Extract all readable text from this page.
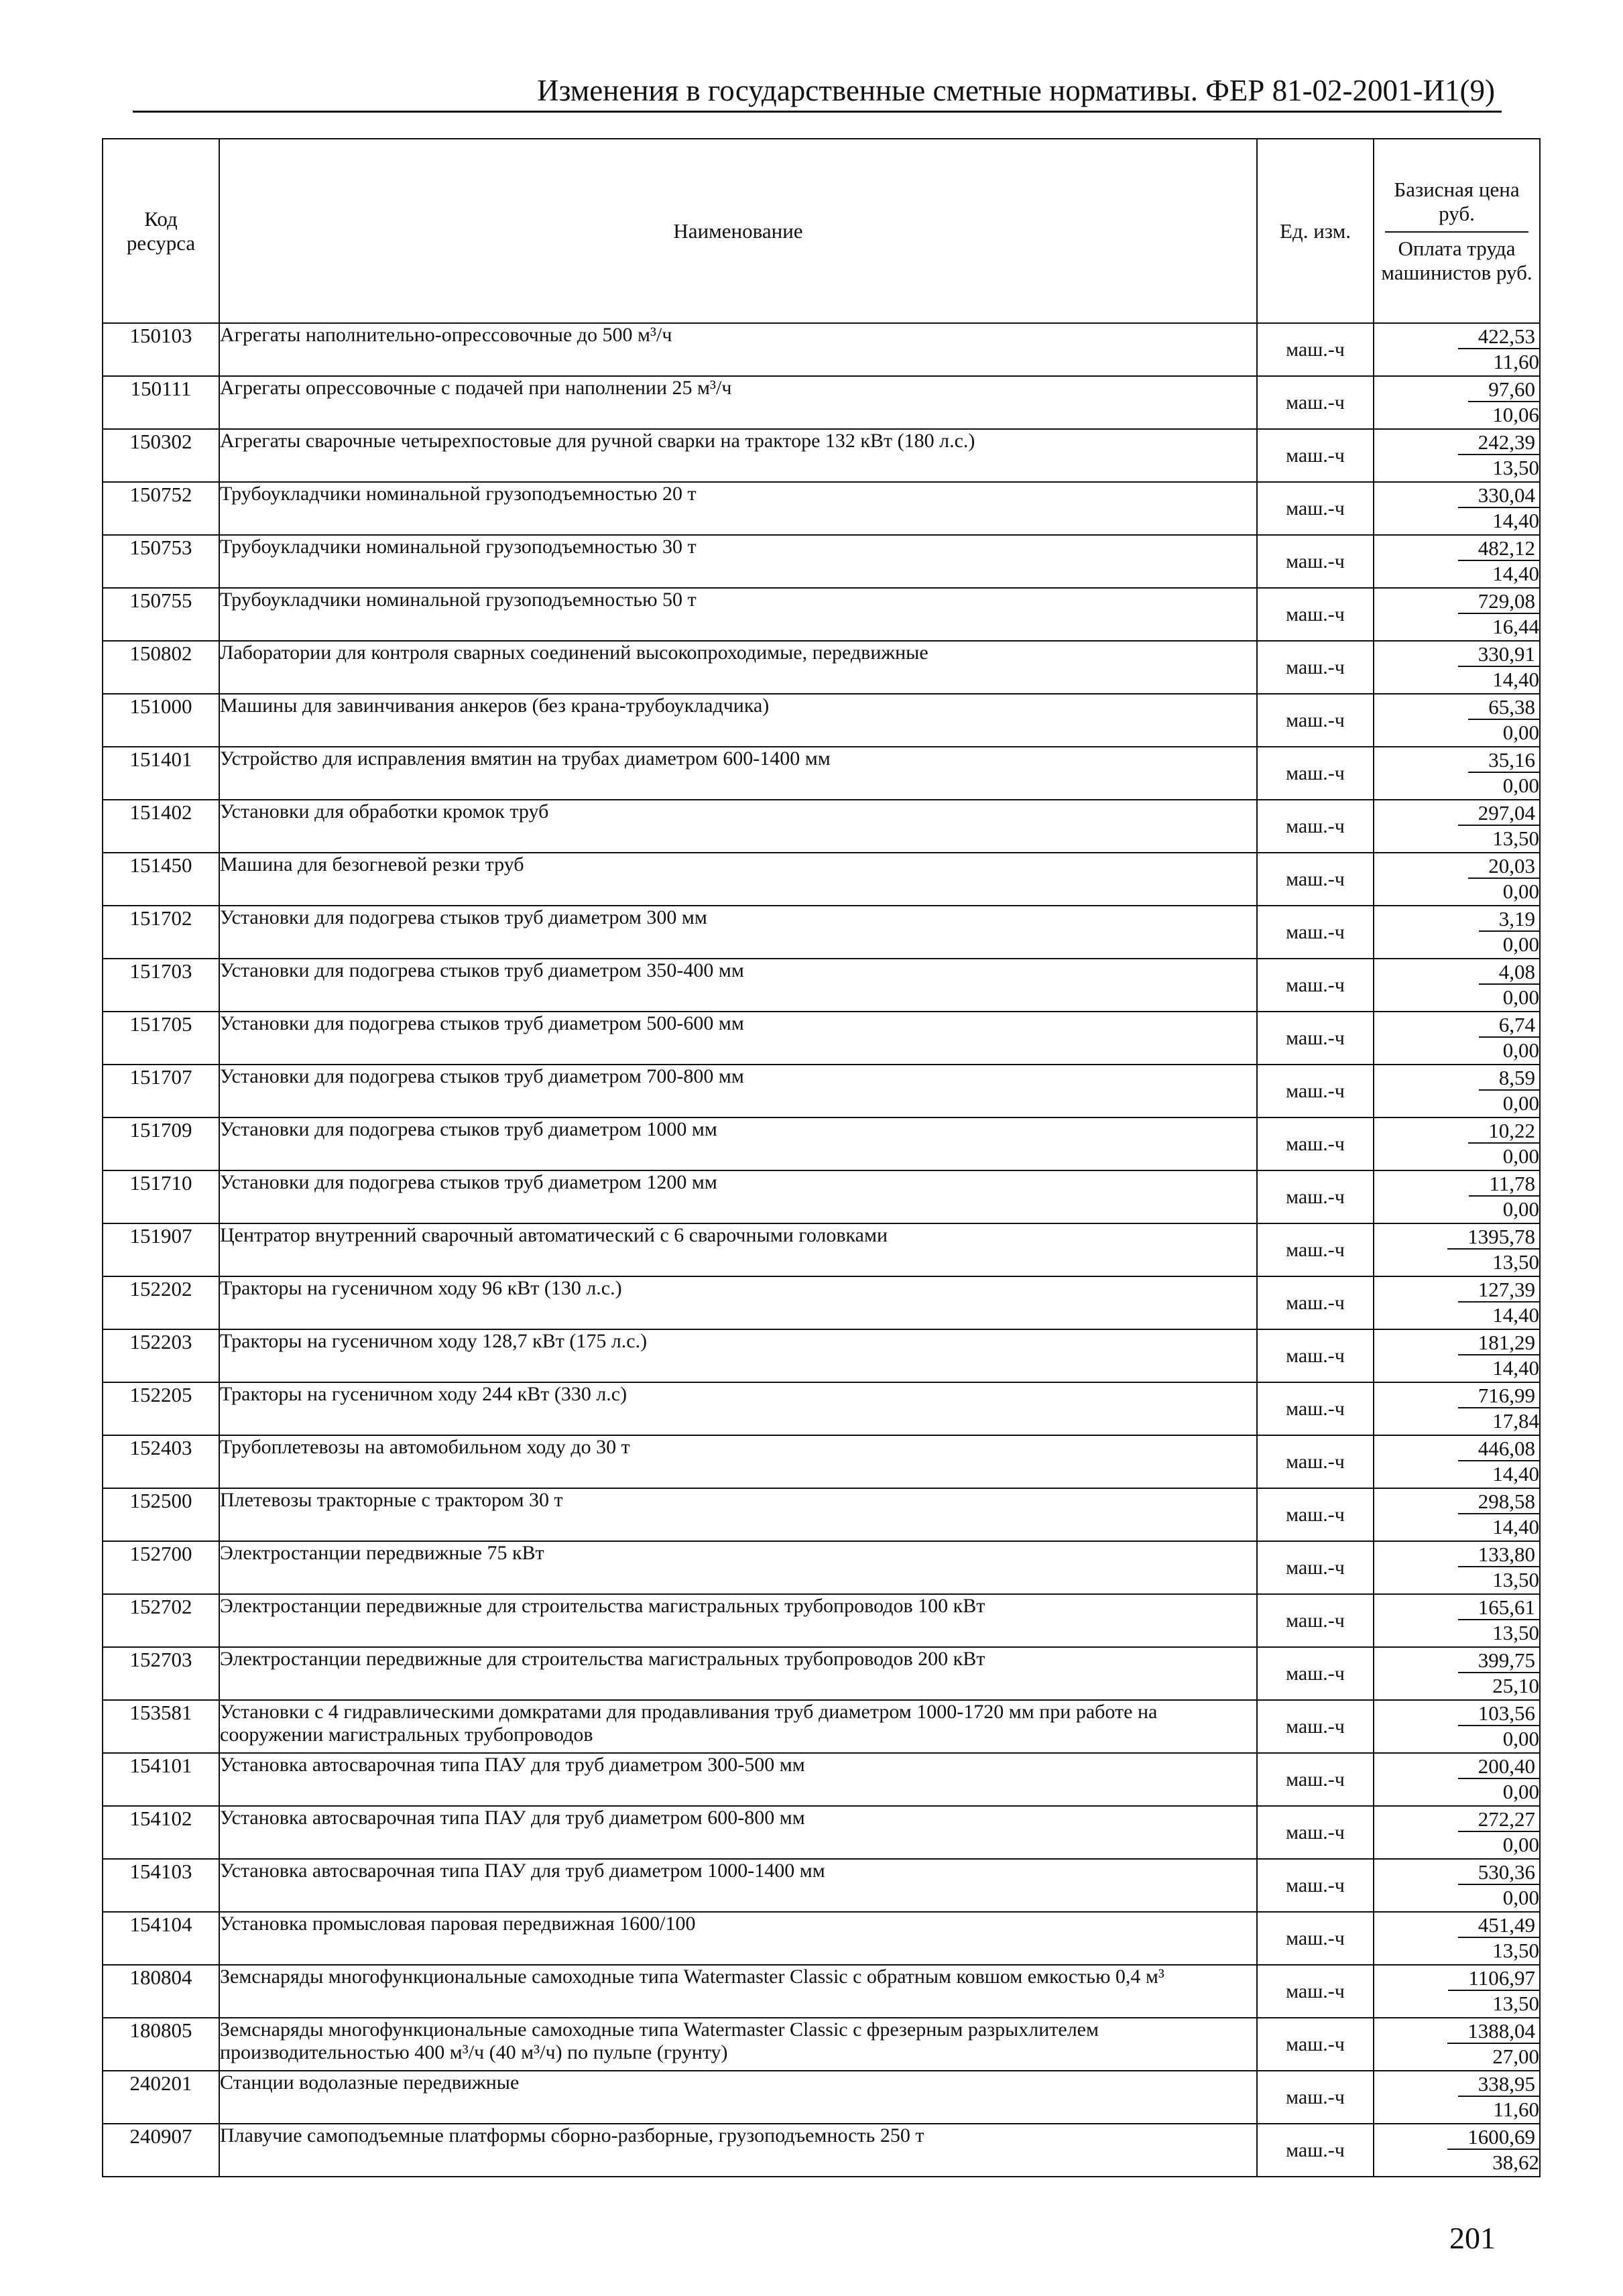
Изменения в государственные сметные нормативы. ФЕР 81-02-2001-И1(9)
Код ресурса	Наименование	Ед. изм.	Базисная цена руб.
Оплата труда машинистов руб.
150103	Агрегаты наполнительно-опрессовочные до 500 м³/ч	маш.-ч	422,53
11,60

150111	Агрегаты опрессовочные с подачей при наполнении 25 м³/ч	маш.-ч	97,60
10,06

150302	Агрегаты сварочные четырехпостовые для ручной сварки на тракторе 132 кВт (180 л.с.)	маш.-ч	242,39
13,50

150752	Трубоукладчики номинальной грузоподъемностью 20 т	маш.-ч	330,04
14,40

150753	Трубоукладчики номинальной грузоподъемностью 30 т	маш.-ч	482,12
14,40

150755	Трубоукладчики номинальной грузоподъемностью 50 т	маш.-ч	729,08
16,44

150802	Лаборатории для контроля сварных соединений высокопроходимые, передвижные	маш.-ч	330,91
14,40

151000	Машины для завинчивания анкеров (без крана-трубоукладчика)	маш.-ч	65,38
0,00

151401	Устройство для исправления вмятин на трубах диаметром 600-1400 мм	маш.-ч	35,16
0,00

151402	Установки для обработки кромок труб	маш.-ч	297,04
13,50

151450	Машина для безогневой резки труб	маш.-ч	20,03
0,00

151702	Установки для подогрева стыков труб диаметром 300 мм	маш.-ч	3,19
0,00

151703	Установки для подогрева стыков труб диаметром 350-400 мм	маш.-ч	4,08
0,00

151705	Установки для подогрева стыков труб диаметром 500-600 мм	маш.-ч	6,74
0,00

151707	Установки для подогрева стыков труб диаметром 700-800 мм	маш.-ч	8,59
0,00

151709	Установки для подогрева стыков труб диаметром 1000 мм	маш.-ч	10,22
0,00

151710	Установки для подогрева стыков труб диаметром 1200 мм	маш.-ч	11,78
0,00

151907	Центратор внутренний сварочный автоматический с 6 сварочными головками	маш.-ч	1395,78
13,50

152202	Тракторы на гусеничном ходу 96 кВт (130 л.с.)	маш.-ч	127,39
14,40

152203	Тракторы на гусеничном ходу 128,7 кВт (175 л.с.)	маш.-ч	181,29
14,40

152205	Тракторы на гусеничном ходу 244 кВт (330 л.с)	маш.-ч	716,99
17,84

152403	Трубоплетевозы на автомобильном ходу до 30 т	маш.-ч	446,08
14,40

152500	Плетевозы тракторные с трактором 30 т	маш.-ч	298,58
14,40

152700	Электростанции передвижные 75 кВт	маш.-ч	133,80
13,50

152702	Электростанции передвижные для строительства магистральных трубопроводов 100 кВт	маш.-ч	165,61
13,50

152703	Электростанции передвижные для строительства магистральных трубопроводов 200 кВт	маш.-ч	399,75
25,10

153581	Установки с 4 гидравлическими домкратами для продавливания труб диаметром 1000-1720 мм при работе на сооружении магистральных трубопроводов	маш.-ч	103,56
0,00

154101	Установка автосварочная типа ПАУ для труб диаметром 300-500 мм	маш.-ч	200,40
0,00

154102	Установка автосварочная типа ПАУ для труб диаметром 600-800 мм	маш.-ч	272,27
0,00

154103	Установка автосварочная типа ПАУ для труб диаметром 1000-1400 мм	маш.-ч	530,36
0,00

154104	Установка промысловая паровая передвижная 1600/100	маш.-ч	451,49
13,50

180804	Земснаряды многофункциональные самоходные типа Watermaster Classic с обратным ковшом емкостью 0,4 м³	маш.-ч	1106,97
13,50

180805	Земснаряды многофункциональные самоходные типа Watermaster Classic с фрезерным разрыхлителем производительностью 400 м³/ч (40 м³/ч) по пульпе (грунту)	маш.-ч	1388,04
27,00

240201	Станции водолазные передвижные	маш.-ч	338,95
11,60

240907	Плавучие самоподъемные платформы сборно-разборные, грузоподъемность 250 т	маш.-ч	1600,69
38,62
201
